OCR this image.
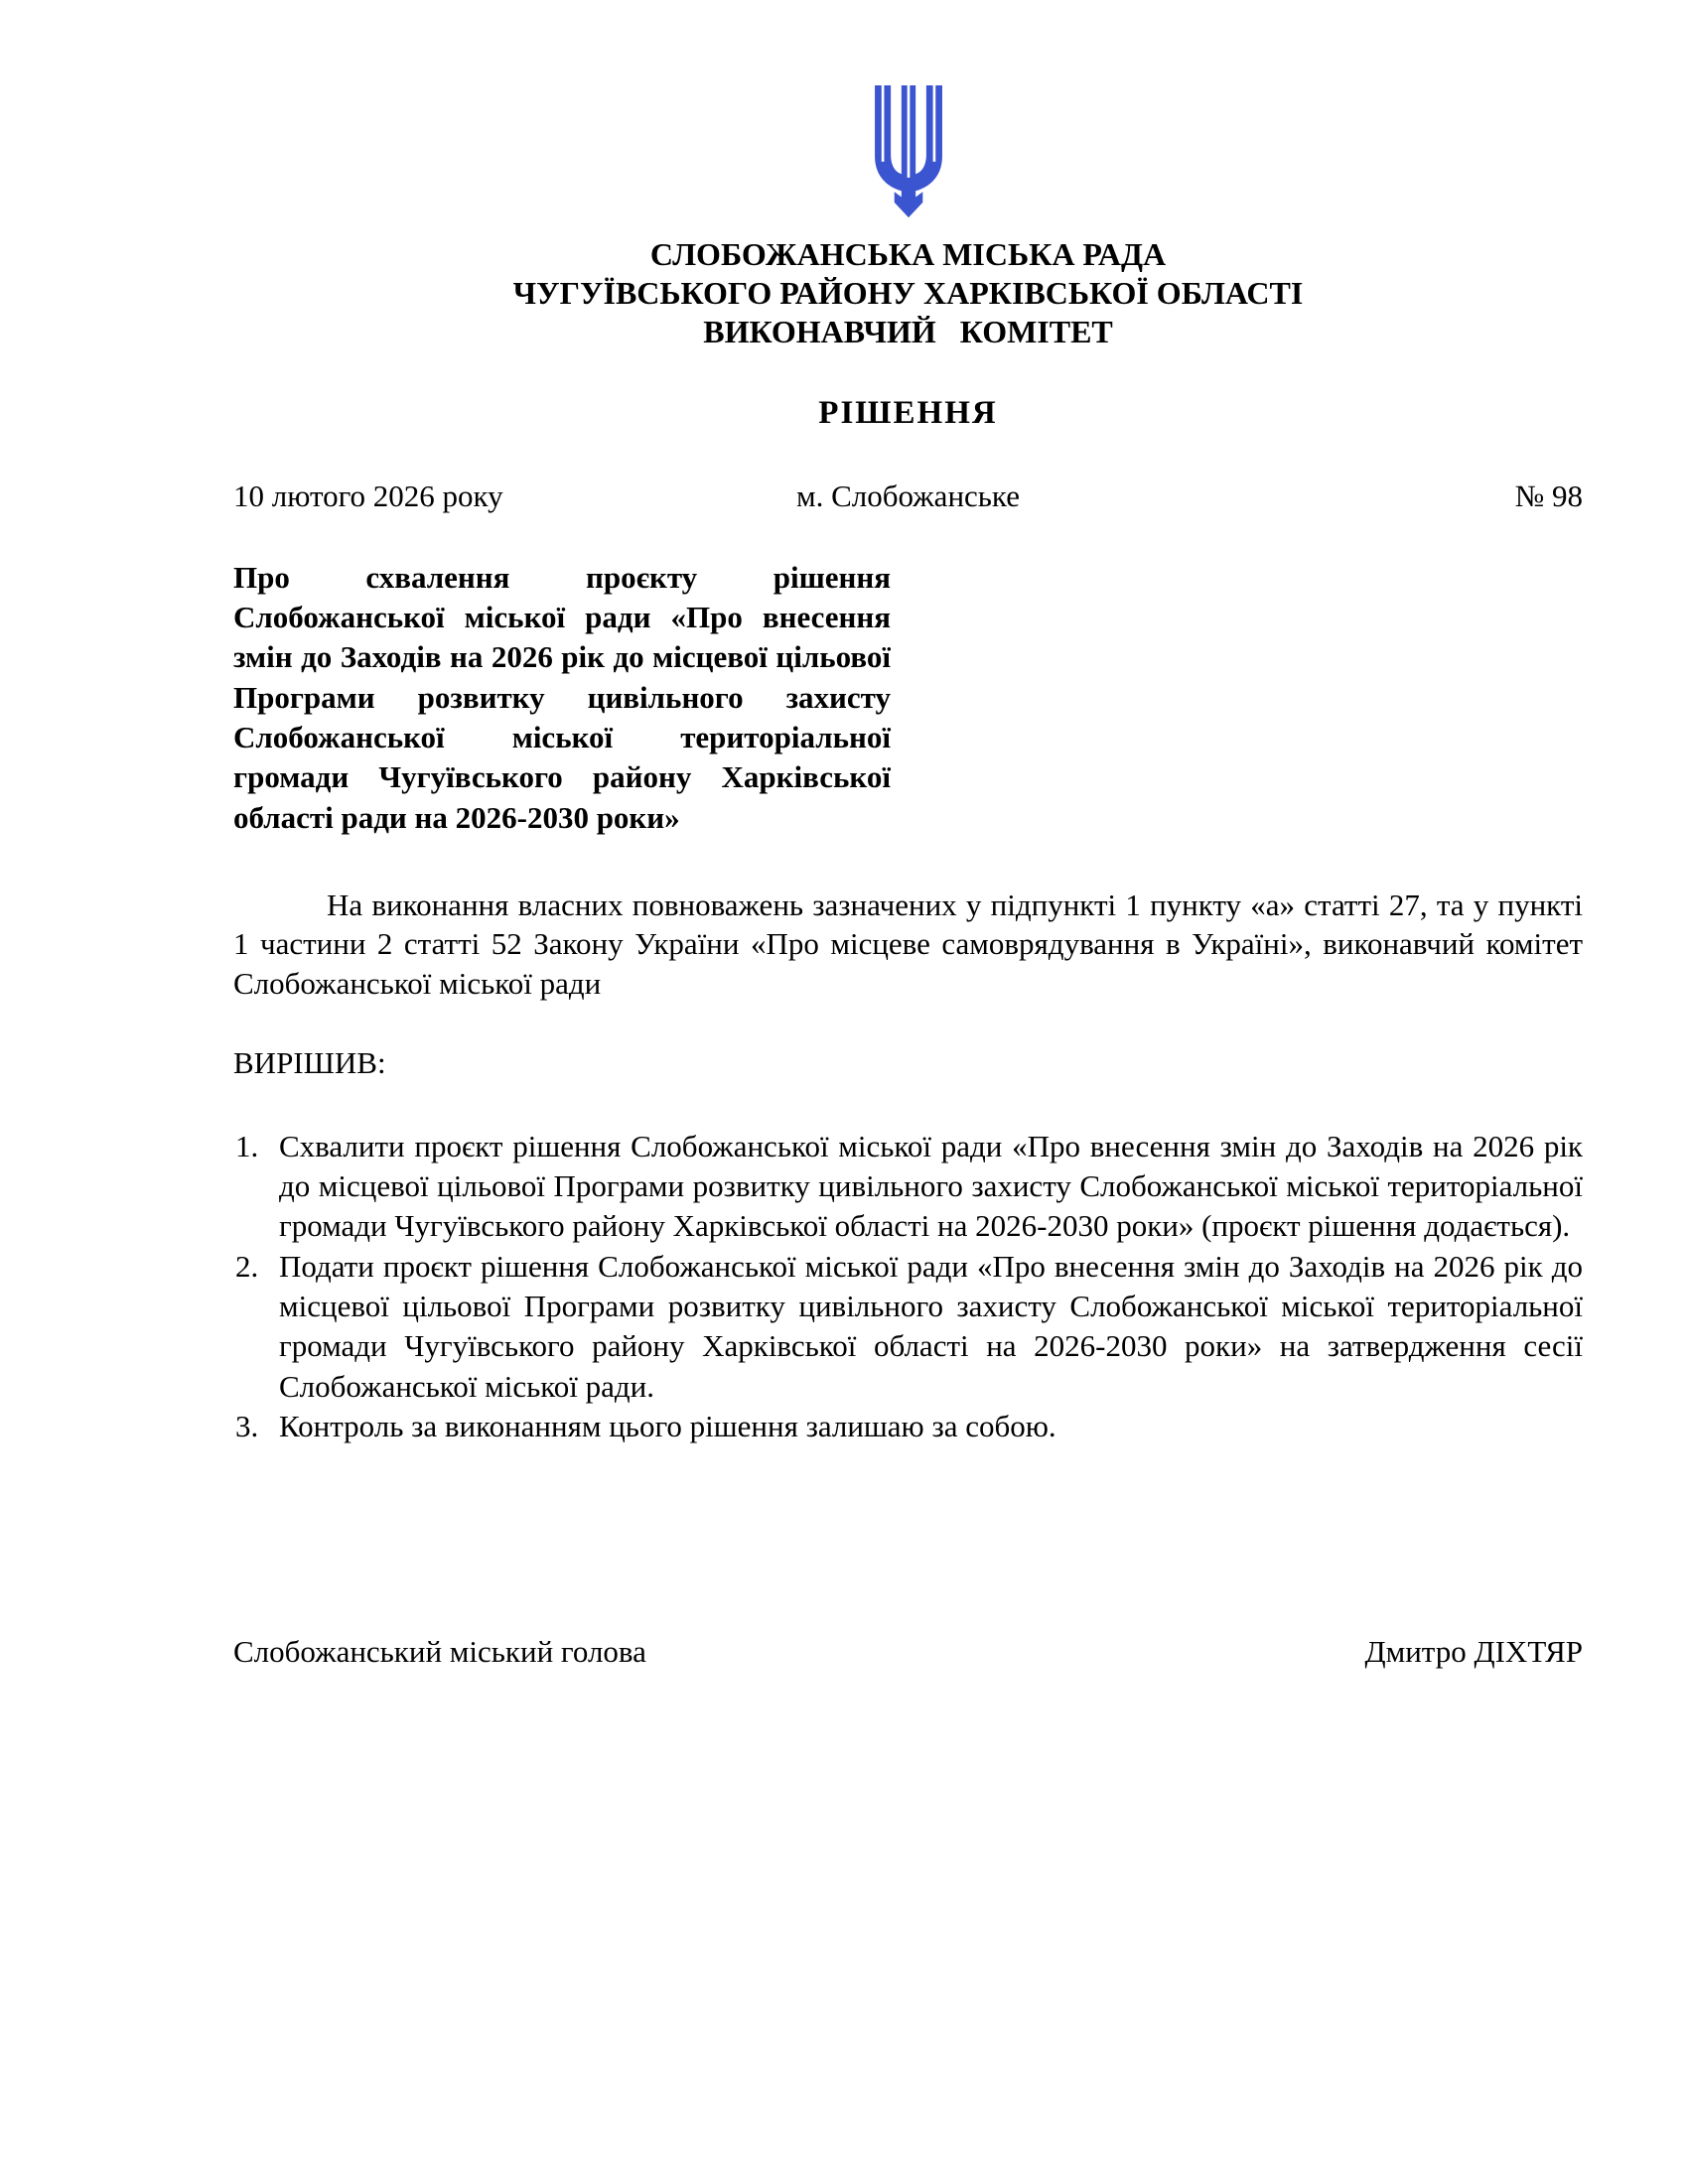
СЛОБОЖАНСЬКА МІСЬКА РАДА
ЧУГУЇВСЬКОГО РАЙОНУ ХАРКІВСЬКОЇ ОБЛАСТІ
ВИКОНАВЧИЙ   КОМІТЕТ
РІШЕННЯ
10 лютого 2026 року	м. Слобожанське	№ 98
Про схвалення проєкту рішення Слобожанської міської ради «Про внесення змін до Заходів на 2026 рік до місцевої цільової Програми розвитку цивільного захисту Слобожанської міської територіальної громади Чугуївського району Харківської області ради на 2026-2030 роки»
На виконання власних повноважень зазначених у підпункті 1 пункту «а» статті 27, та у пункті 1 частини 2 статті 52 Закону України «Про місцеве самоврядування в Україні», виконавчий комітет Слобожанської міської ради
ВИРІШИВ:
1. Схвалити проєкт рішення Слобожанської міської ради «Про внесення змін до Заходів на 2026 рік до місцевої цільової Програми розвитку цивільного захисту Слобожанської міської територіальної громади Чугуївського району Харківської області на 2026-2030 роки» (проєкт рішення додається).
2. Подати проєкт рішення Слобожанської міської ради «Про внесення змін до Заходів на 2026 рік до місцевої цільової Програми розвитку цивільного захисту Слобожанської міської територіальної громади Чугуївського району Харківської області на 2026-2030 роки» на затвердження сесії Слобожанської міської ради.
3. Контроль за виконанням цього рішення залишаю за собою.
Слобожанський міський голова	Дмитро ДІХТЯР
